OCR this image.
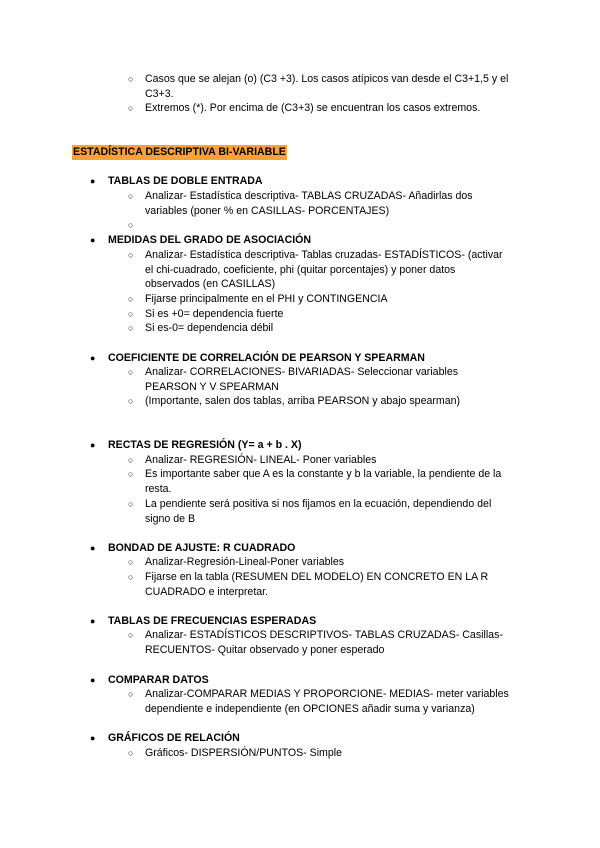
○ Casos que se alejan (o) (C3 +3). Los casos atípicos van desde el C3+1,5 y el
C3+3.
○ Extremos (*). Por encima de (C3+3) se encuentran los casos extremos.
ESTADÍSTICA DESCRIPTIVA BI-VARIABLE
● TABLAS DE DOBLE ENTRADA
○ Analizar- Estadística descriptiva- TABLAS CRUZADAS- Añadirlas dos
variables (poner % en CASILLAS- PORCENTAJES)
○
● MEDIDAS DEL GRADO DE ASOCIACIÓN
○ Analizar- Estadística descriptiva- Tablas cruzadas- ESTADÍSTICOS- (activar
el chi-cuadrado, coeficiente, phi (quitar porcentajes) y poner datos
observados (en CASILLAS)
○ Fijarse principalmente en el PHI y CONTINGENCIA
○ Si es +0= dependencia fuerte
○ Si es-0= dependencia débil
● COEFICIENTE DE CORRELACIÓN DE PEARSON Y SPEARMAN
○ Analizar- CORRELACIONES- BIVARIADAS- Seleccionar variables
PEARSON Y V SPEARMAN
○ (Importante, salen dos tablas, arriba PEARSON y abajo spearman)
● RECTAS DE REGRESIÓN (Y= a + b . X)
○ Analizar- REGRESIÓN- LINEAL- Poner variables
○ Es importante saber que A es la constante y b la variable, la pendiente de la
resta.
○ La pendiente será positiva si nos fijamos en la ecuación, dependiendo del
signo de B
● BONDAD DE AJUSTE: R CUADRADO
○ Analizar-Regresión-Lineal-Poner variables
○ Fijarse en la tabla (RESUMEN DEL MODELO) EN CONCRETO EN LA R
CUADRADO e interpretar.
● TABLAS DE FRECUENCIAS ESPERADAS
○ Analizar- ESTADÍSTICOS DESCRIPTIVOS- TABLAS CRUZADAS- Casillas-
RECUENTOS- Quitar observado y poner esperado
● COMPARAR DATOS
○ Analizar-COMPARAR MEDIAS Y PROPORCIONE- MEDIAS- meter variables
dependiente e independiente (en OPCIONES añadir suma y varianza)
● GRÁFICOS DE RELACIÓN
○ Gráficos- DISPERSIÓN/PUNTOS- Simple
